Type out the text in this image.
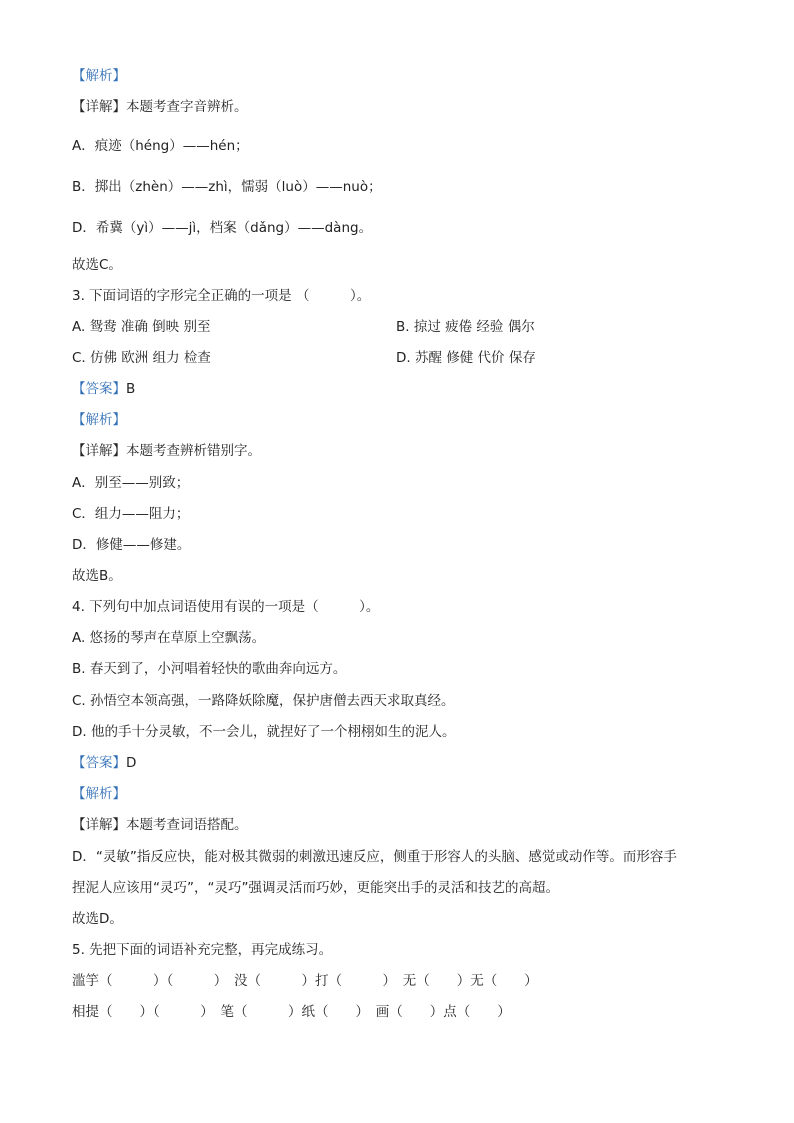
【解析】
【详解】本题考查字音辨析。
A．痕迹（héng）——hén；
B．掷出（zhèn）——zhì，懦弱（luò）——nuò；
D．希冀（yì）——jì，档案（dǎng）——dàng。
故选C。
3. 下面词语的字形完全正确的一项是 （　　　）。
A. 鸳鸯 准确 倒映 别至	B. 掠过 疲倦 经验 偶尔
C. 仿佛 欧洲 组力 检查	D. 苏醒 修健 代价 保存
【答案】B
【解析】
【详解】本题考查辨析错别字。
A．别至——别致；
C．组力——阻力；
D．修健——修建。
故选B。
4. 下列句中加点词语使用有误的一项是（　　　）。
A. 悠扬的琴声在草原上空飘荡。
B. 春天到了，小河唱着轻快的歌曲奔向远方。
C. 孙悟空本领高强，一路降妖除魔，保护唐僧去西天求取真经。
D. 他的手十分灵敏，不一会儿，就捏好了一个栩栩如生的泥人。
【答案】D
【解析】
【详解】本题考查词语搭配。
D．“灵敏”指反应快，能对极其微弱的刺激迅速反应，侧重于形容人的头脑、感觉或动作等。而形容手
捏泥人应该用“灵巧”，“灵巧”强调灵活而巧妙，更能突出手的灵活和技艺的高超。
故选D。
5. 先把下面的词语补充完整，再完成练习。
滥竽（　　　）（　　　）　没（　　　）打（　　　）　无（　　）无（　　）
相提（　　）（　　　）　笔（　　　）纸（　　）　画（　　）点（　　）
